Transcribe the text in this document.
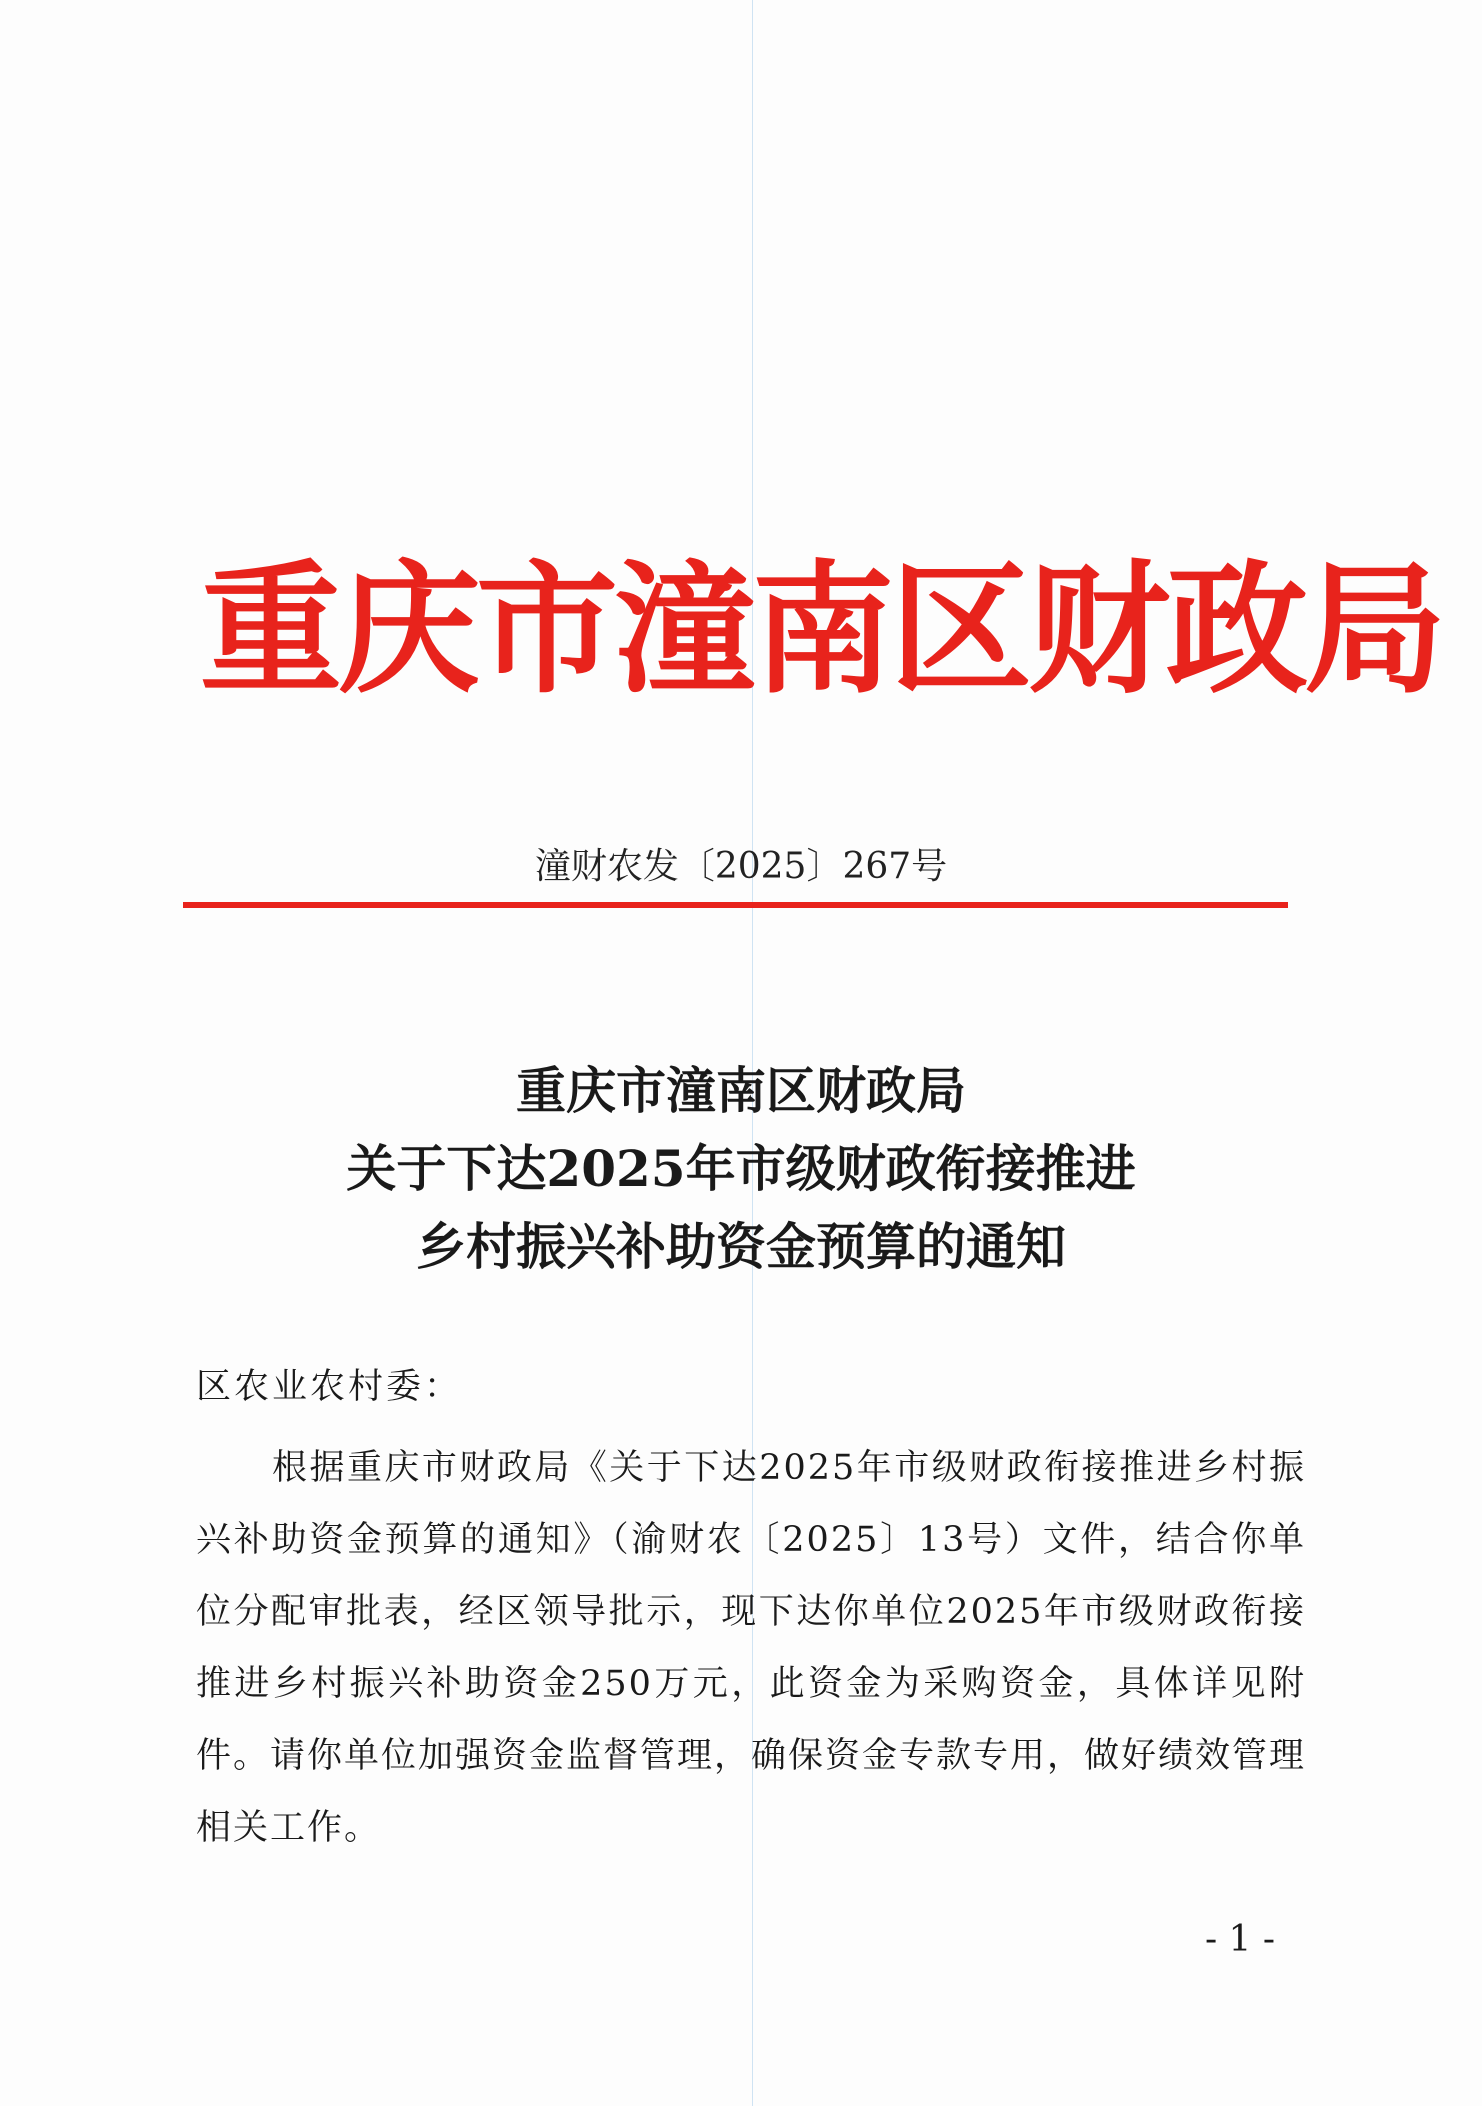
重庆市潼南区财政局
潼财农发〔2025〕267号
重庆市潼南区财政局
关于下达2025年市级财政衔接推进
乡村振兴补助资金预算的通知
区农业农村委：
根据重庆市财政局《关于下达2025年市级财政衔接推进乡村振兴补助资金预算的通知》（渝财农〔2025〕13号）文件，结合你单位分配审批表，经区领导批示，现下达你单位2025年市级财政衔接推进乡村振兴补助资金250万元，此资金为采购资金，具体详见附件。请你单位加强资金监督管理，确保资金专款专用，做好绩效管理相关工作。
- 1 -
